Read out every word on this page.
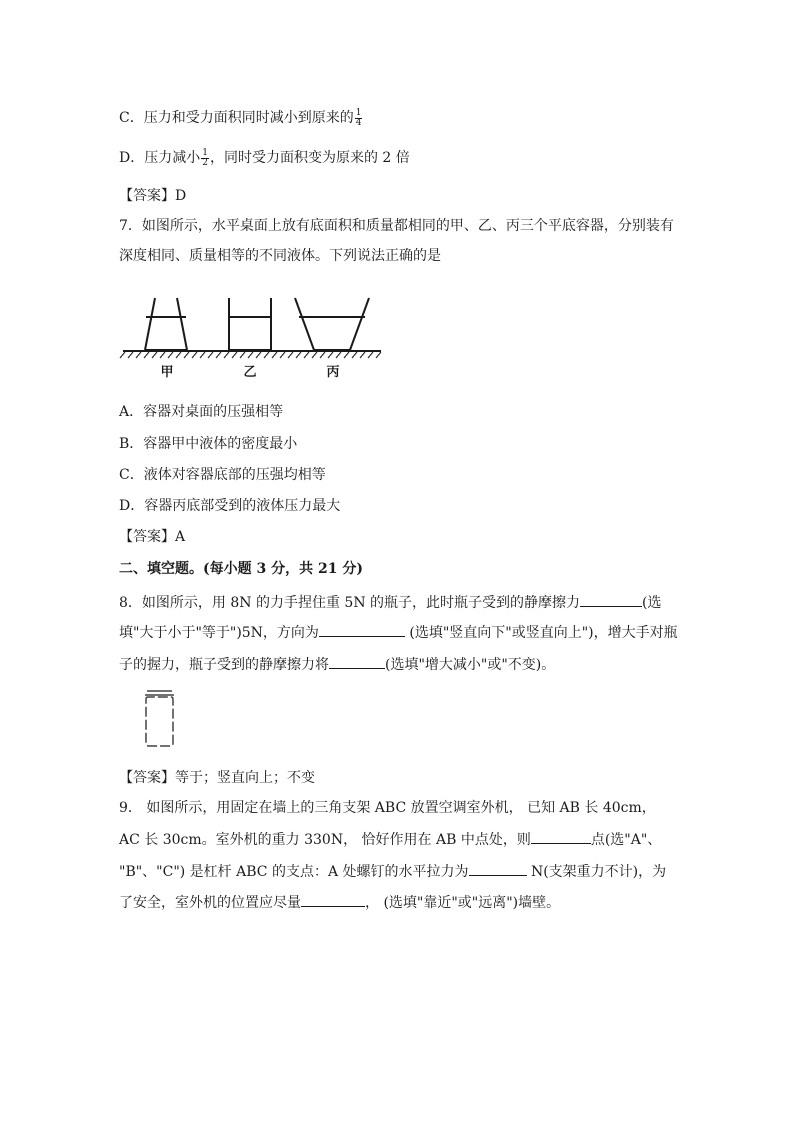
C．压力和受力面积同时减小到原来的 $\frac{1}{4}$
D．压力减小 $\frac{1}{2}$ ，同时受力面积变为原来的 2 倍
【答案】D
7．如图所示，水平桌面上放有底面积和质量都相同的甲、乙、丙三个平底容器，分别装有
深度相同、质量相等的不同液体。下列说法正确的是
甲	乙	丙
A．容器对桌面的压强相等
B．容器甲中液体的密度最小
C．液体对容器底部的压强均相等
D．容器丙底部受到的液体压力最大
【答案】A
二、填空题。(每小题 3 分，共 21 分)
8．如图所示，用 8N 的力手捏住重 5N 的瓶子，此时瓶子受到的静摩擦力	(选
填"大于小于"等于")5N，方向为	(选填"竖直向下"或竖直向上")，增大手对瓶
子的握力，瓶子受到的静摩擦力将	(选填"增大减小"或"不变)。
【答案】等于；竖直向上；不变
9． 如图所示，用固定在墙上的三角支架 ABC 放置空调室外机， 已知 AB 长 40cm，
AC 长 30cm。室外机的重力 330N， 恰好作用在 AB 中点处，则	点(选"A"、
"B"、"C") 是杠杆 ABC 的支点：A 处螺钉的水平拉力为	N(支架重力不计)，为
了安全，室外机的位置应尽量	， (选填"靠近"或"远离")墙壁。
